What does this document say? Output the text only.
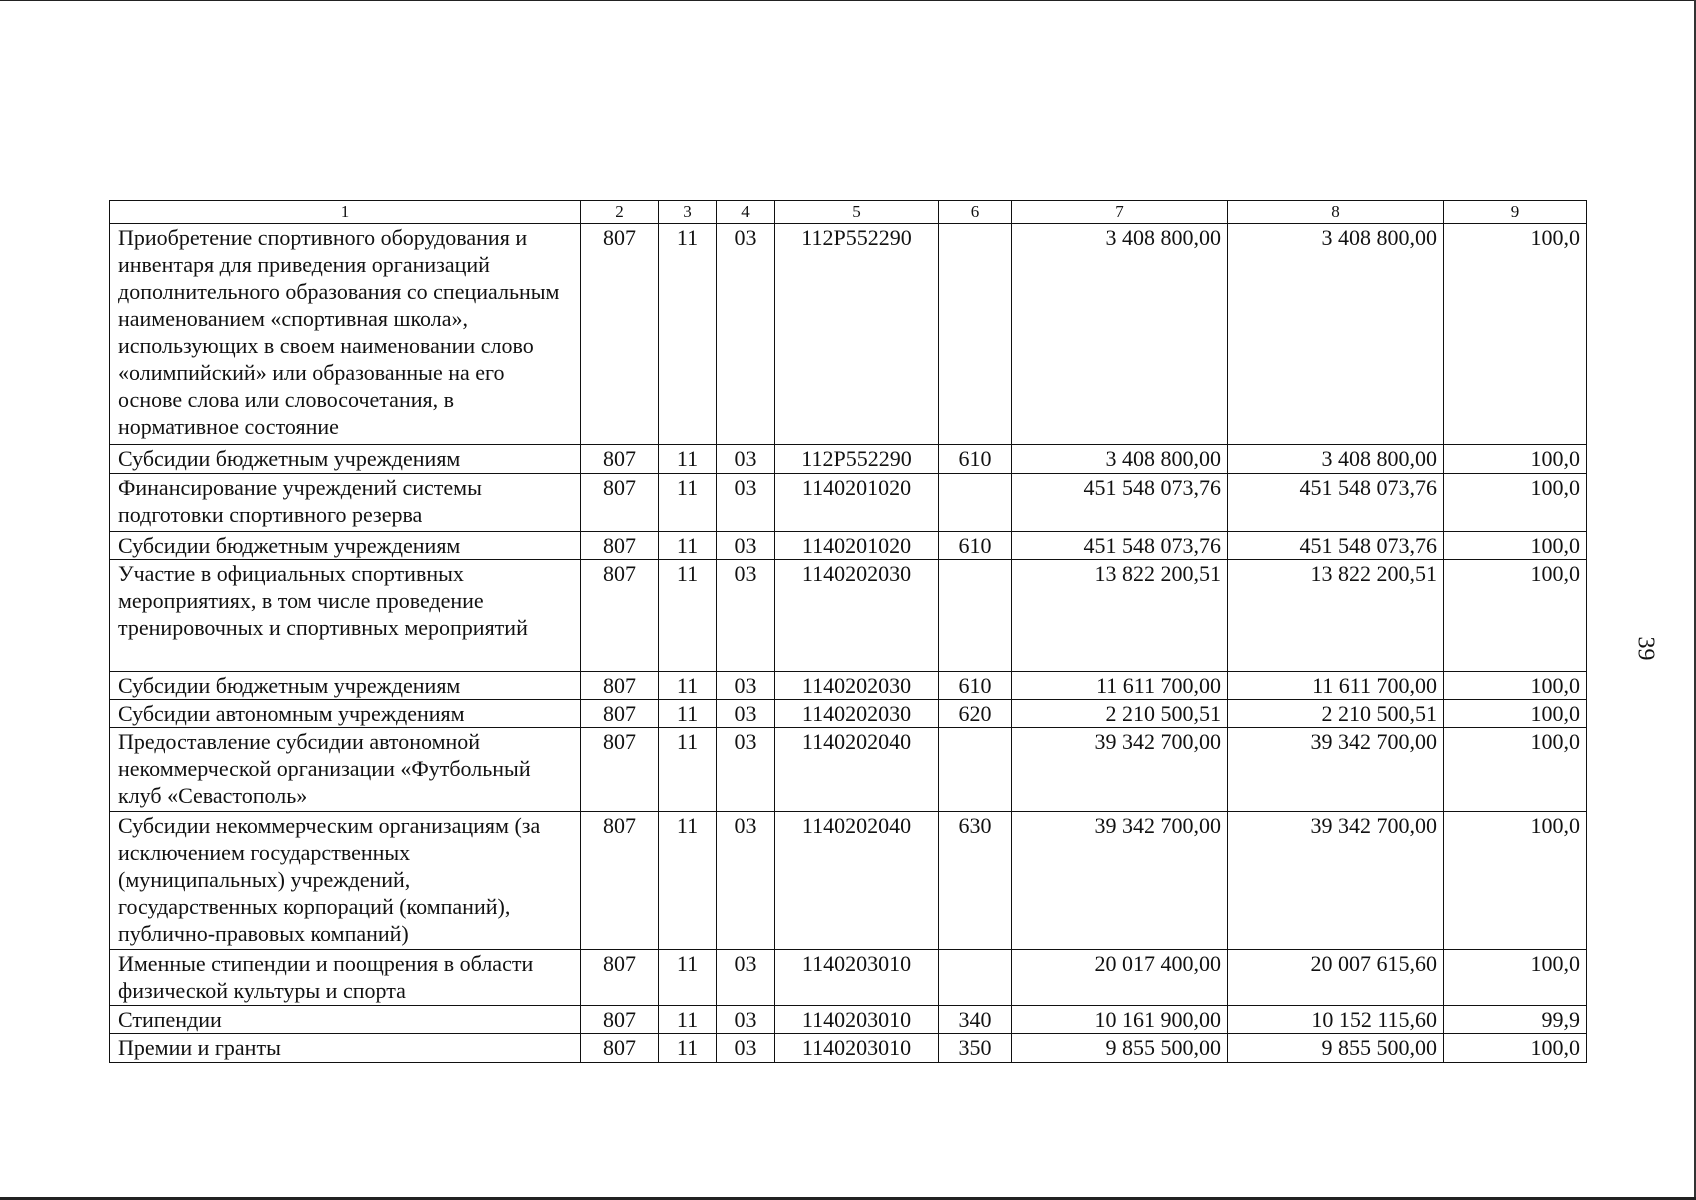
1	2	3	4	5	6	7	8	9
Приобретение спортивного оборудования и инвентаря для приведения организаций дополнительного образования со специальным наименованием «спортивная школа», использующих в своем наименовании слово «олимпийский» или образованные на его основе слова или словосочетания, в нормативное состояние	807	11	03	112P552290		3 408 800,00	3 408 800,00	100,0
Субсидии бюджетным учреждениям	807	11	03	112P552290	610	3 408 800,00	3 408 800,00	100,0
Финансирование учреждений системы подготовки спортивного резерва	807	11	03	1140201020		451 548 073,76	451 548 073,76	100,0
Субсидии бюджетным учреждениям	807	11	03	1140201020	610	451 548 073,76	451 548 073,76	100,0
Участие в официальных спортивных мероприятиях, в том числе проведение тренировочных и спортивных мероприятий	807	11	03	1140202030		13 822 200,51	13 822 200,51	100,0
Субсидии бюджетным учреждениям	807	11	03	1140202030	610	11 611 700,00	11 611 700,00	100,0
Субсидии автономным учреждениям	807	11	03	1140202030	620	2 210 500,51	2 210 500,51	100,0
Предоставление субсидии автономной некоммерческой организации «Футбольный клуб «Севастополь»	807	11	03	1140202040		39 342 700,00	39 342 700,00	100,0
Субсидии некоммерческим организациям (за исключением государственных (муниципальных) учреждений, государственных корпораций (компаний), публично-правовых компаний)	807	11	03	1140202040	630	39 342 700,00	39 342 700,00	100,0
Именные стипендии и поощрения в области физической культуры и спорта	807	11	03	1140203010		20 017 400,00	20 007 615,60	100,0
Стипендии	807	11	03	1140203010	340	10 161 900,00	10 152 115,60	99,9
Премии и гранты	807	11	03	1140203010	350	9 855 500,00	9 855 500,00	100,0
39
